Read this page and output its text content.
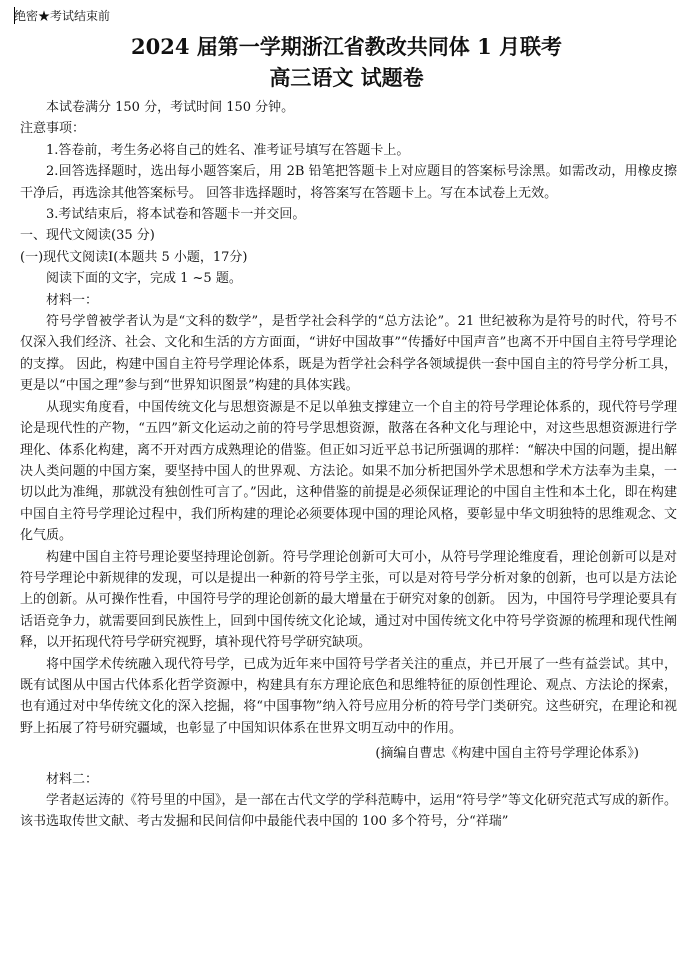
绝密★考试结束前
2024 届第一学期浙江省教改共同体 1 月联考
高三语文 试题卷

本试卷满分 150 分，考试时间 150 分钟。

注意事项：

1.答卷前，考生务必将自己的姓名、准考证号填写在答题卡上。

2.回答选择题时，选出每小题答案后，用 2B 铅笔把答题卡上对应题目的答案标号涂黑。如需改动，用橡皮擦干净后，再选涂其他答案标号。 回答非选择题时，将答案写在答题卡上。写在本试卷上无效。

3.考试结束后，将本试卷和答题卡一并交回。

一、现代文阅读(35 分)

(一)现代文阅读Ⅰ(本题共 5 小题，17分)

阅读下面的文字，完成 1 ~5 题。

材料一：

符号学曾被学者认为是“文科的数学”，是哲学社会科学的“总方法论”。21 世纪被称为是符号的时代，符号不仅深入我们经济、社会、文化和生活的方方面面，“讲好中国故事”“传播好中国声音”也离不开中国自主符号学理论的支撑。 因此，构建中国自主符号学理论体系，既是为哲学社会科学各领域提供一套中国自主的符号学分析工具，更是以“中国之理”参与到“世界知识图景”构建的具体实践。

从现实角度看，中国传统文化与思想资源是不足以单独支撑建立一个自主的符号学理论体系的，现代符号学理论是现代性的产物，“五四”新文化运动之前的符号学思想资源，散落在各种文化与理论中，对这些思想资源进行学理化、体系化构建，离不开对西方成熟理论的借鉴。但正如习近平总书记所强调的那样：“解决中国的问题，提出解决人类问题的中国方案，要坚持中国人的世界观、方法论。如果不加分析把国外学术思想和学术方法奉为圭臬，一切以此为准绳，那就没有独创性可言了。”因此，这种借鉴的前提是必须保证理论的中国自主性和本土化，即在构建中国自主符号学理论过程中，我们所构建的理论必须要体现中国的理论风格，要彰显中华文明独特的思维观念、文化气质。

构建中国自主符号理论要坚持理论创新。符号学理论创新可大可小，从符号学理论维度看，理论创新可以是对符号学理论中新规律的发现，可以是提出一种新的符号学主张，可以是对符号学分析对象的创新，也可以是方法论上的创新。从可操作性看，中国符号学的理论创新的最大增量在于研究对象的创新。 因为，中国符号学理论要具有话语竞争力，就需要回到民族性上，回到中国传统文化论域，通过对中国传统文化中符号学资源的梳理和现代性阐释，以开拓现代符号学研究视野，填补现代符号学研究缺项。

将中国学术传统融入现代符号学，已成为近年来中国符号学者关注的重点，并已开展了一些有益尝试。其中，既有试图从中国古代体系化哲学资源中，构建具有东方理论底色和思维特征的原创性理论、观点、方法论的探索，也有通过对中华传统文化的深入挖掘，将“中国事物”纳入符号应用分析的符号学门类研究。这些研究，在理论和视野上拓展了符号研究疆域，也彰显了中国知识体系在世界文明互动中的作用。

(摘编自曹忠《构建中国自主符号学理论体系》)

材料二：

学者赵运涛的《符号里的中国》，是一部在古代文学的学科范畴中，运用“符号学”等文化研究范式写成的新作。该书选取传世文献、考古发掘和民间信仰中最能代表中国的 100 多个符号，分“祥瑞”
